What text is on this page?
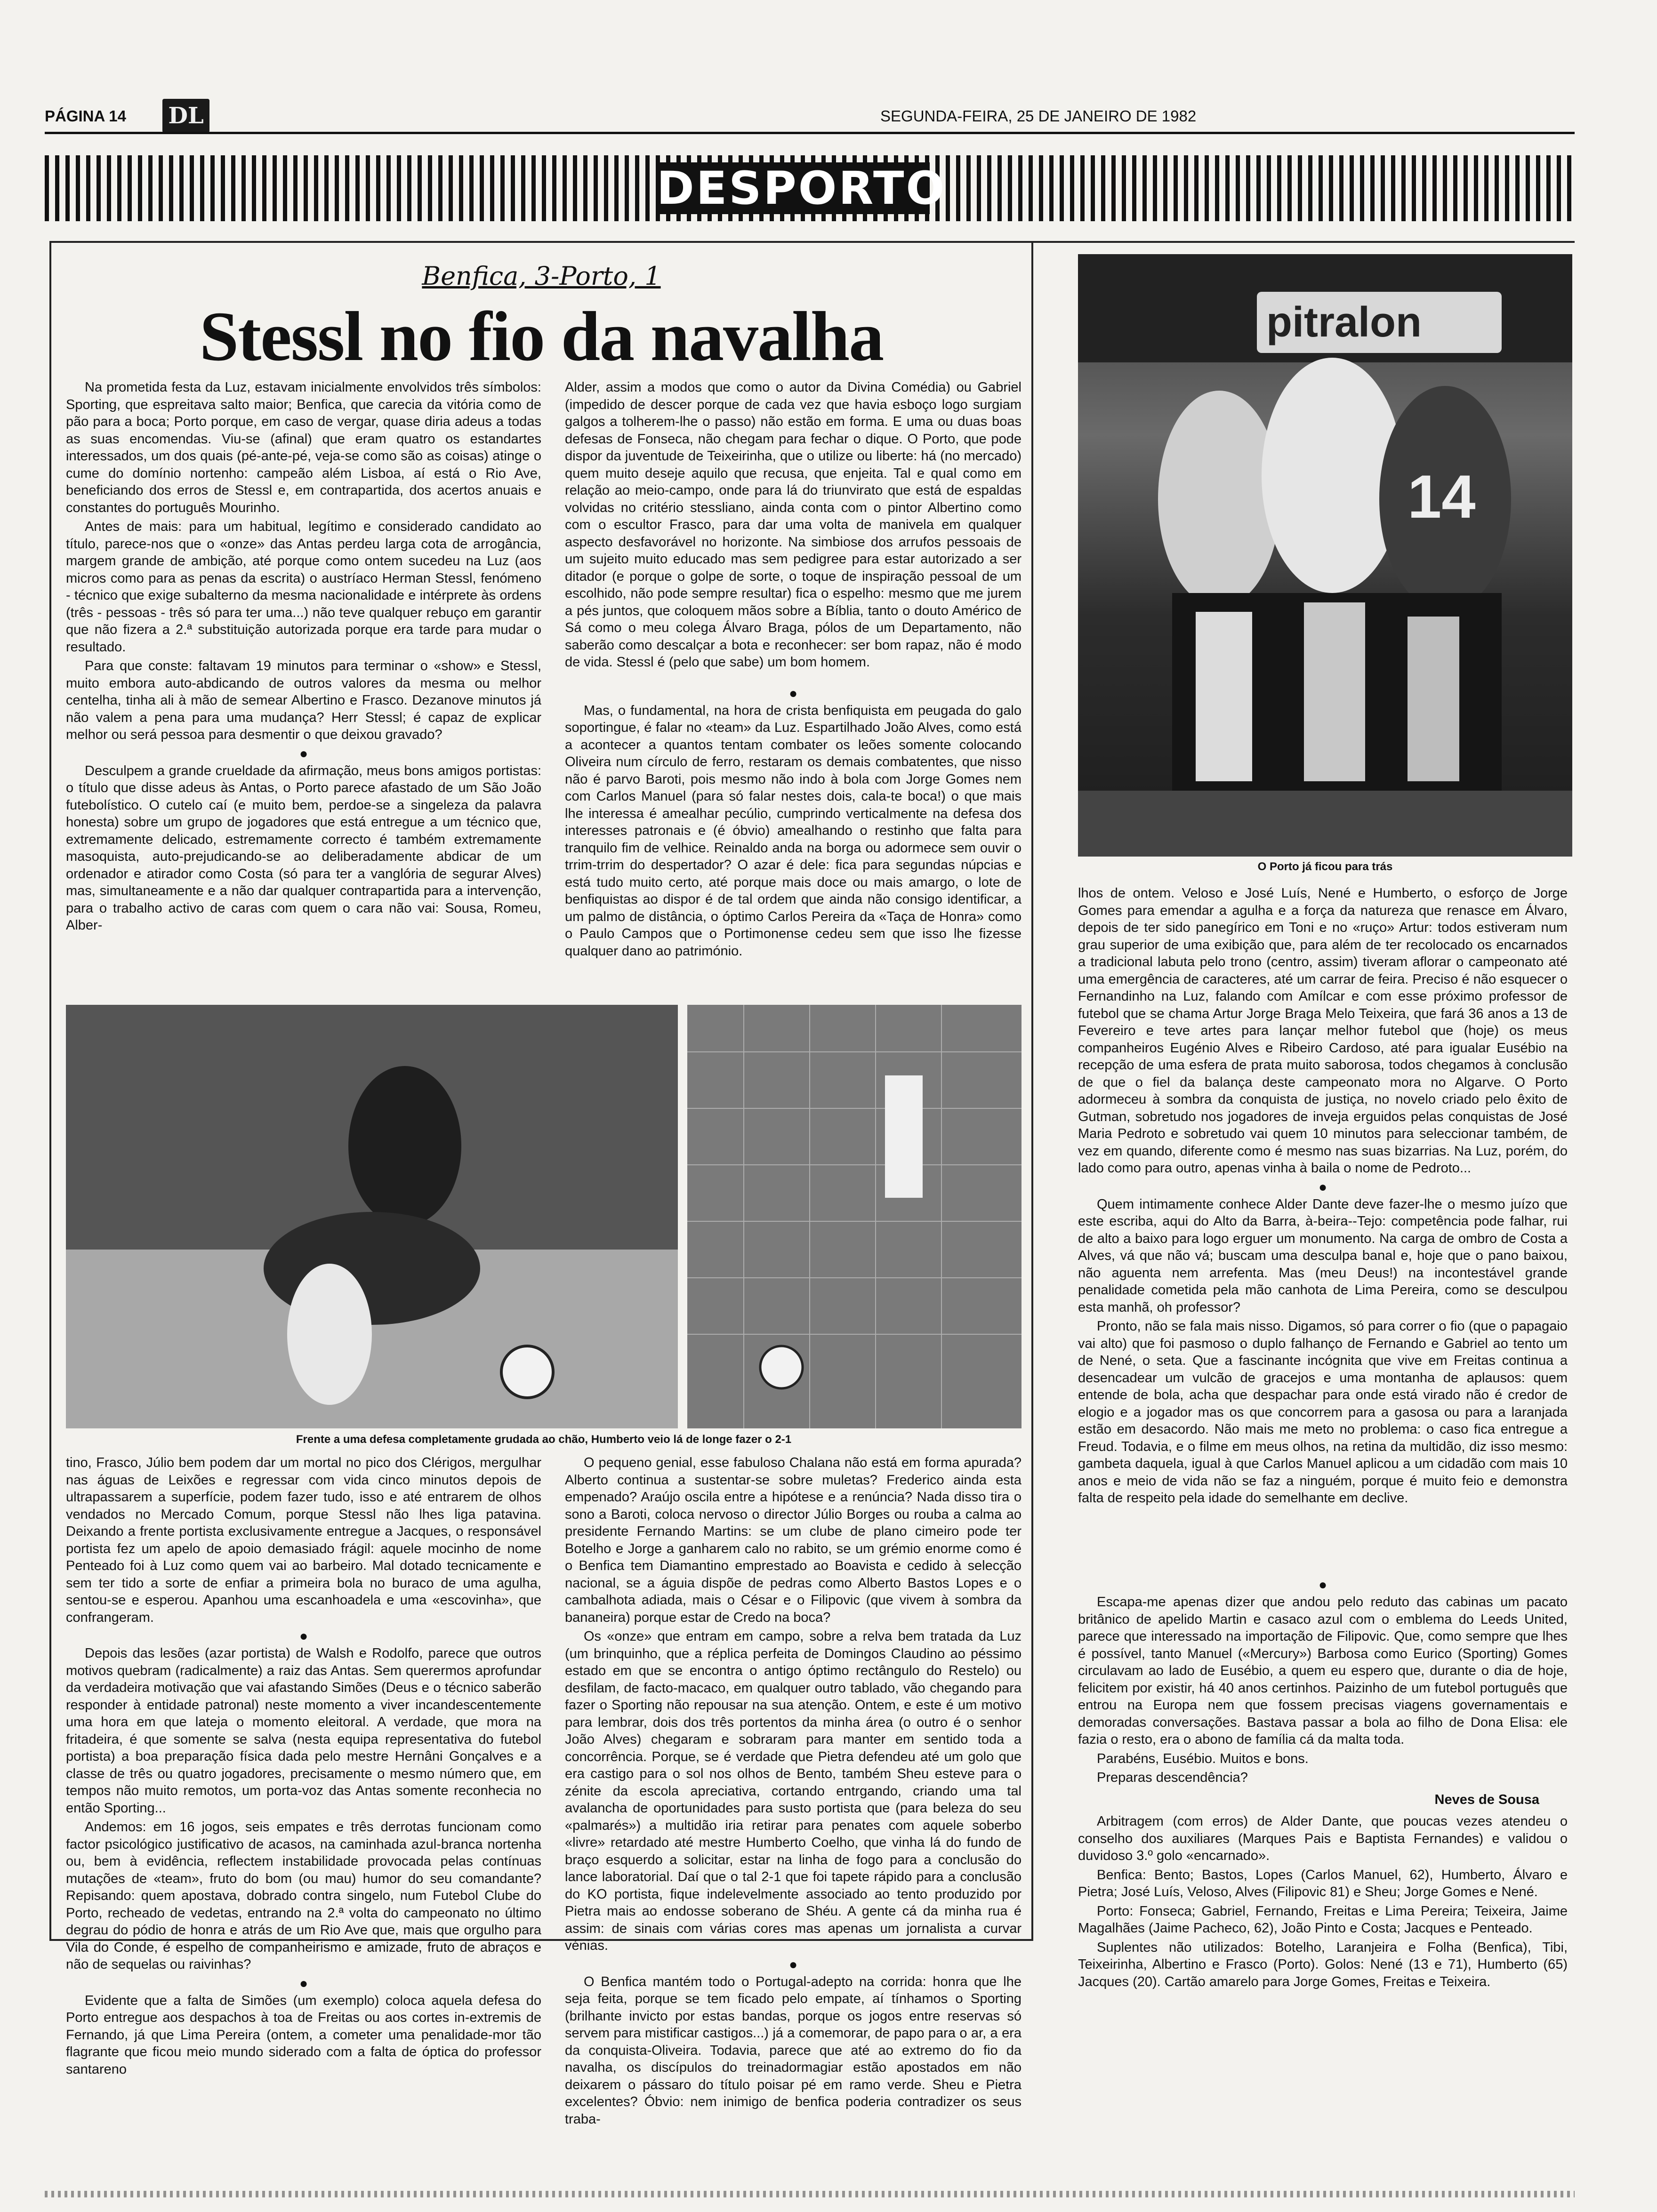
PÁGINA 14 DL	SEGUNDA-FEIRA, 25 DE JANEIRO DE 1982
DESPORTO
Benfica, 3-Porto, 1
Stessl no fio da navalha

Na prometida festa da Luz, estavam inicialmente envolvidos três símbolos: Sporting, que espreitava salto maior; Benfica, que carecia da vitória como de pão para a boca; Porto porque, em caso de vergar, quase diria adeus a todas as suas encomendas. Viu-se (afinal) que eram quatro os estandartes interessados, um dos quais (pé-ante-pé, veja-se como são as coisas) atinge o cume do domínio nortenho: campeão além Lisboa, aí está o Rio Ave, beneficiando dos erros de Stessl e, em contrapartida, dos acertos anuais e constantes do português Mourinho.

Antes de mais: para um habitual, legítimo e considerado candidato ao título, parece-nos que o «onze» das Antas perdeu larga cota de arrogância, margem grande de ambição, até porque como ontem sucedeu na Luz (aos micros como para as penas da escrita) o austríaco Herman Stessl, fenómeno - técnico que exige subalterno da mesma nacionalidade e intérprete às ordens (três - pessoas - três só para ter uma...) não teve qualquer rebuço em garantir que não fizera a 2.ª substituição autorizada porque era tarde para mudar o resultado.

Para que conste: faltavam 19 minutos para terminar o «show» e Stessl, muito embora auto-abdicando de outros valores da mesma ou melhor centelha, tinha ali à mão de semear Albertino e Frasco. Dezanove minutos já não valem a pena para uma mudança? Herr Stessl; é capaz de explicar melhor ou será pessoa para desmentir o que deixou gravado?

●

Desculpem a grande crueldade da afirmação, meus bons amigos portistas: o título que disse adeus às Antas, o Porto parece afastado de um São João futebolístico. O cutelo caí (e muito bem, perdoe-se a singeleza da palavra honesta) sobre um grupo de jogadores que está entregue a um técnico que, extremamente delicado, estremamente correcto é também extremamente masoquista, auto-prejudicando-se ao deliberadamente abdicar de um ordenador e atirador como Costa (só para ter a vanglória de segurar Alves) mas, simultaneamente e a não dar qualquer contrapartida para a intervenção, para o trabalho activo de caras com quem o cara não vai: Sousa, Romeu, Alber-

Alder, assim a modos que como o autor da Divina Comédia) ou Gabriel (impedido de descer porque de cada vez que havia esboço logo surgiam galgos a tolherem-lhe o passo) não estão em forma. E uma ou duas boas defesas de Fonseca, não chegam para fechar o dique. O Porto, que pode dispor da juventude de Teixeirinha, que o utilize ou liberte: há (no mercado) quem muito deseje aquilo que recusa, que enjeita. Tal e qual como em relação ao meio-campo, onde para lá do triunvirato que está de espaldas volvidas no critério stessliano, ainda conta com o pintor Albertino como com o escultor Frasco, para dar uma volta de manivela em qualquer aspecto desfavorável no horizonte. Na simbiose dos arrufos pessoais de um sujeito muito educado mas sem pedigree para estar autorizado a ser ditador (e porque o golpe de sorte, o toque de inspiração pessoal de um escolhido, não pode sempre resultar) fica o espelho: mesmo que me jurem a pés juntos, que coloquem mãos sobre a Bíblia, tanto o douto Américo de Sá como o meu colega Álvaro Braga, pólos de um Departamento, não saberão como descalçar a bota e reconhecer: ser bom rapaz, não é modo de vida. Stessl é (pelo que sabe) um bom homem.

●

Mas, o fundamental, na hora de crista benfiquista em peugada do galo soportingue, é falar no «team» da Luz. Espartilhado João Alves, como está a acontecer a quantos tentam combater os leões somente colocando Oliveira num círculo de ferro, restaram os demais combatentes, que nisso não é parvo Baroti, pois mesmo não indo à bola com Jorge Gomes nem com Carlos Manuel (para só falar nestes dois, cala-te boca!) o que mais lhe interessa é amealhar pecúlio, cumprindo verticalmente na defesa dos interesses patronais e (é óbvio) amealhando o restinho que falta para tranquilo fim de velhice. Reinaldo anda na borga ou adormece sem ouvir o trrim-trrim do despertador? O azar é dele: fica para segundas núpcias e está tudo muito certo, até porque mais doce ou mais amargo, o lote de benfiquistas ao dispor é de tal ordem que ainda não consigo identificar, a um palmo de distância, o óptimo Carlos Pereira da «Taça de Honra» como o Paulo Campos que o Portimonense cedeu sem que isso lhe fizesse qualquer dano ao património.

pitralon
14
O Porto já ficou para trás

lhos de ontem. Veloso e José Luís, Nené e Humberto, o esforço de Jorge Gomes para emendar a agulha e a força da natureza que renasce em Álvaro, depois de ter sido panegírico em Toni e no «ruço» Artur: todos estiveram num grau superior de uma exibição que, para além de ter recolocado os encarnados a tradicional labuta pelo trono (centro, assim) tiveram aflorar o campeonato até uma emergência de caracteres, até um carrar de feira. Preciso é não esquecer o Fernandinho na Luz, falando com Amílcar e com esse próximo professor de futebol que se chama Artur Jorge Braga Melo Teixeira, que fará 36 anos a 13 de Fevereiro e teve artes para lançar melhor futebol que (hoje) os meus companheiros Eugénio Alves e Ribeiro Cardoso, até para igualar Eusébio na recepção de uma esfera de prata muito saborosa, todos chegamos à conclusão de que o fiel da balança deste campeonato mora no Algarve. O Porto adormeceu à sombra da conquista de justiça, no novelo criado pelo êxito de Gutman, sobretudo nos jogadores de inveja erguidos pelas conquistas de José Maria Pedroto e sobretudo vai quem 10 minutos para seleccionar também, de vez em quando, diferente como é mesmo nas suas bizarrias. Na Luz, porém, do lado como para outro, apenas vinha à baila o nome de Pedroto...

●

Quem intimamente conhece Alder Dante deve fazer-lhe o mesmo juízo que este escriba, aqui do Alto da Barra, à-beira--Tejo: competência pode falhar, rui de alto a baixo para logo erguer um monumento. Na carga de ombro de Costa a Alves, vá que não vá; buscam uma desculpa banal e, hoje que o pano baixou, não aguenta nem arrefenta. Mas (meu Deus!) na incontestável grande penalidade cometida pela mão canhota de Lima Pereira, como se desculpou esta manhã, oh professor?

Pronto, não se fala mais nisso. Digamos, só para correr o fio (que o papagaio vai alto) que foi pasmoso o duplo falhanço de Fernando e Gabriel ao tento um de Nené, o seta. Que a fascinante incógnita que vive em Freitas continua a desencadear um vulcão de gracejos e uma montanha de aplausos: quem entende de bola, acha que despachar para onde está virado não é credor de elogio e a jogador mas os que concorrem para a gasosa ou para a laranjada estão em desacordo. Não mais me meto no problema: o caso fica entregue a Freud. Todavia, e o filme em meus olhos, na retina da multidão, diz isso mesmo: gambeta daquela, igual à que Carlos Manuel aplicou a um cidadão com mais 10 anos e meio de vida não se faz a ninguém, porque é muito feio e demonstra falta de respeito pela idade do semelhante em declive.

Frente a uma defesa completamente grudada ao chão, Humberto veio lá de longe fazer o 2-1

tino, Frasco, Júlio bem podem dar um mortal no pico dos Clérigos, mergulhar nas águas de Leixões e regressar com vida cinco minutos depois de ultrapassarem a superfície, podem fazer tudo, isso e até entrarem de olhos vendados no Mercado Comum, porque Stessl não lhes liga patavina. Deixando a frente portista exclusivamente entregue a Jacques, o responsável portista fez um apelo de apoio demasiado frágil: aquele mocinho de nome Penteado foi à Luz como quem vai ao barbeiro. Mal dotado tecnicamente e sem ter tido a sorte de enfiar a primeira bola no buraco de uma agulha, sentou-se e esperou. Apanhou uma escanhoadela e uma «escovinha», que confrangeram.

●

Depois das lesões (azar portista) de Walsh e Rodolfo, parece que outros motivos quebram (radicalmente) a raiz das Antas. Sem querermos aprofundar da verdadeira motivação que vai afastando Simões (Deus e o técnico saberão responder à entidade patronal) neste momento a viver incandescentemente uma hora em que lateja o momento eleitoral. A verdade, que mora na fritadeira, é que somente se salva (nesta equipa representativa do futebol portista) a boa preparação física dada pelo mestre Hernâni Gonçalves e a classe de três ou quatro jogadores, precisamente o mesmo número que, em tempos não muito remotos, um porta-voz das Antas somente reconhecia no então Sporting...

Andemos: em 16 jogos, seis empates e três derrotas funcionam como factor psicológico justificativo de acasos, na caminhada azul-branca nortenha ou, bem à evidência, reflectem instabilidade provocada pelas contínuas mutações de «team», fruto do bom (ou mau) humor do seu comandante? Repisando: quem apostava, dobrado contra singelo, num Futebol Clube do Porto, recheado de vedetas, entrando na 2.ª volta do campeonato no último degrau do pódio de honra e atrás de um Rio Ave que, mais que orgulho para Vila do Conde, é espelho de companheirismo e amizade, fruto de abraços e não de sequelas ou raivinhas?

●

Evidente que a falta de Simões (um exemplo) coloca aquela defesa do Porto entregue aos despachos à toa de Freitas ou aos cortes in-extremis de Fernando, já que Lima Pereira (ontem, a cometer uma penalidade-mor tão flagrante que ficou meio mundo siderado com a falta de óptica do professor santareno

O pequeno genial, esse fabuloso Chalana não está em forma apurada? Alberto continua a sustentar-se sobre muletas? Frederico ainda esta empenado? Araújo oscila entre a hipótese e a renúncia? Nada disso tira o sono a Baroti, coloca nervoso o director Júlio Borges ou rouba a calma ao presidente Fernando Martins: se um clube de plano cimeiro pode ter Botelho e Jorge a ganharem calo no rabito, se um grémio enorme como é o Benfica tem Diamantino emprestado ao Boavista e cedido à selecção nacional, se a águia dispõe de pedras como Alberto Bastos Lopes e o cambalhota adiada, mais o César e o Filipovic (que vivem à sombra da bananeira) porque estar de Credo na boca?

Os «onze» que entram em campo, sobre a relva bem tratada da Luz (um brinquinho, que a réplica perfeita de Domingos Claudino ao péssimo estado em que se encontra o antigo óptimo rectângulo do Restelo) ou desfilam, de facto-macaco, em qualquer outro tablado, vão chegando para fazer o Sporting não repousar na sua atenção. Ontem, e este é um motivo para lembrar, dois dos três portentos da minha área (o outro é o senhor João Alves) chegaram e sobraram para manter em sentido toda a concorrência. Porque, se é verdade que Pietra defendeu até um golo que era castigo para o sol nos olhos de Bento, também Sheu esteve para o zénite da escola apreciativa, cortando entrgando, criando uma tal avalancha de oportunidades para susto portista que (para beleza do seu «palmarés») a multidão iria retirar para penates com aquele soberbo «livre» retardado até mestre Humberto Coelho, que vinha lá do fundo de braço esquerdo a solicitar, estar na linha de fogo para a conclusão do lance laboratorial. Daí que o tal 2-1 que foi tapete rápido para a conclusão do KO portista, fique indelevelmente associado ao tento produzido por Pietra mais ao endosse soberano de Shéu. A gente cá da minha rua é assim: de sinais com várias cores mas apenas um jornalista a curvar vénias.

●

O Benfica mantém todo o Portugal-adepto na corrida: honra que lhe seja feita, porque se tem ficado pelo empate, aí tínhamos o Sporting (brilhante invicto por estas bandas, porque os jogos entre reservas só servem para mistificar castigos...) já a comemorar, de papo para o ar, a era da conquista-Oliveira. Todavia, parece que até ao extremo do fio da navalha, os discípulos do treinadormagiar estão apostados em não deixarem o pássaro do título poisar pé em ramo verde. Sheu e Pietra excelentes? Óbvio: nem inimigo de benfica poderia contradizer os seus traba-

●

Escapa-me apenas dizer que andou pelo reduto das cabinas um pacato britânico de apelido Martin e casaco azul com o emblema do Leeds United, parece que interessado na importação de Filipovic. Que, como sempre que lhes é possível, tanto Manuel («Mercury») Barbosa como Eurico (Sporting) Gomes circulavam ao lado de Eusébio, a quem eu espero que, durante o dia de hoje, felicitem por existir, há 40 anos certinhos. Paizinho de um futebol português que entrou na Europa nem que fossem precisas viagens governamentais e demoradas conversações. Bastava passar a bola ao filho de Dona Elisa: ele fazia o resto, era o abono de família cá da malta toda.

Parabéns, Eusébio. Muitos e bons.

Preparas descendência?

Neves de Sousa

Arbitragem (com erros) de Alder Dante, que poucas vezes atendeu o conselho dos auxiliares (Marques Pais e Baptista Fernandes) e validou o duvidoso 3.º golo «encarnado».

Benfica: Bento; Bastos, Lopes (Carlos Manuel, 62), Humberto, Álvaro e Pietra; José Luís, Veloso, Alves (Filipovic 81) e Sheu; Jorge Gomes e Nené.

Porto: Fonseca; Gabriel, Fernando, Freitas e Lima Pereira; Teixeira, Jaime Magalhães (Jaime Pacheco, 62), João Pinto e Costa; Jacques e Penteado.

Suplentes não utilizados: Botelho, Laranjeira e Folha (Benfica), Tibi, Teixeirinha, Albertino e Frasco (Porto). Golos: Nené (13 e 71), Humberto (65) Jacques (20). Cartão amarelo para Jorge Gomes, Freitas e Teixeira.
